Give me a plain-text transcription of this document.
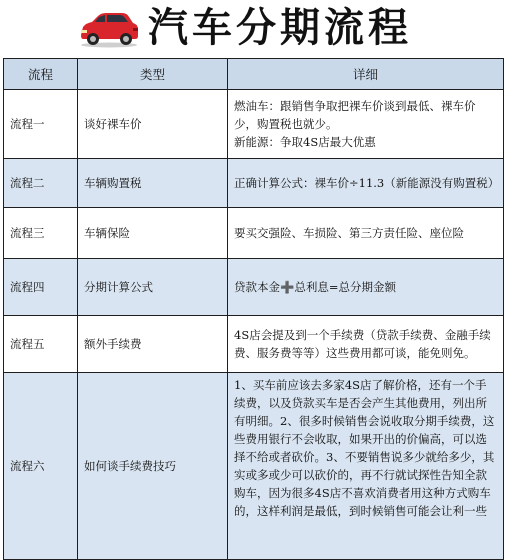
汽车分期流程
流程	类型	详细
流程一	谈好裸车价	燃油车：跟销售争取把裸车价谈到最低、裸车价少，购置税也就少。
新能源：争取4S店最大优惠

流程二	车辆购置税	正确计算公式：裸车价÷11.3（新能源没有购置税）
流程三	车辆保险	要买交强险、车损险、第三方责任险、座位险
流程四	分期计算公式	贷款本金➕总利息=总分期金额
流程五	额外手续费	4S店会提及到一个手续费（贷款手续费、金融手续费、服务费等等）这些费用都可谈，能免则免。
流程六	如何谈手续费技巧	1、买车前应该去多家4S店了解价格，还有一个手续费，以及贷款买车是否会产生其他费用，列出所有明细。2、很多时候销售会说收取分期手续费，这些费用银行不会收取，如果开出的价偏高，可以选择不给或者砍价。3、不要销售说多少就给多少，其实或多或少可以砍价的，再不行就试探性告知全款购车，因为很多4S店不喜欢消费者用这种方式购车的，这样利润是最低，到时候销售可能会让利一些
